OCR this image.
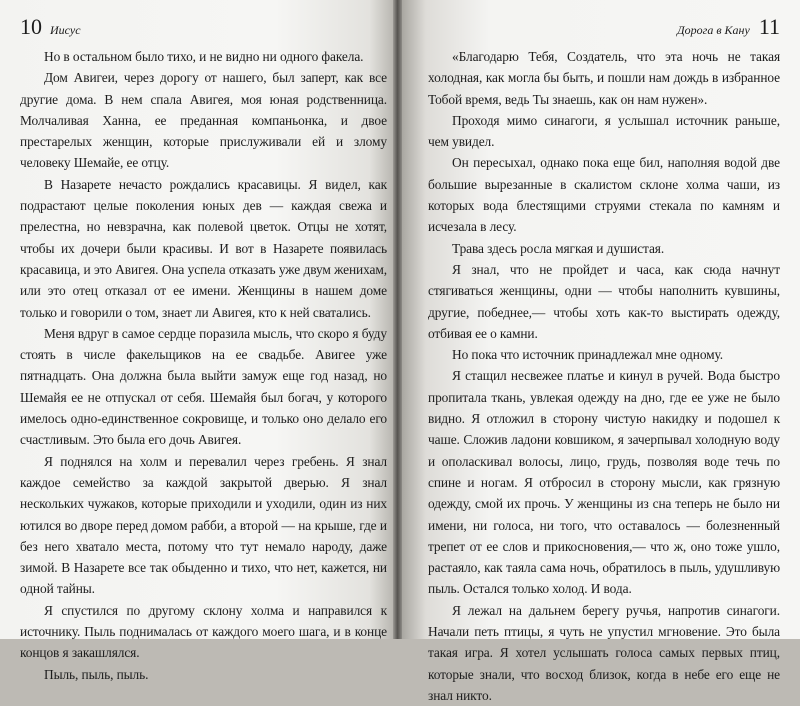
10 Иисус

Но в остальном было тихо, и не видно ни одного факела.

Дом Авигеи, через дорогу от нашего, был заперт, как все другие дома. В нем спала Авигея, моя юная родственница. Молчаливая Ханна, ее преданная компаньонка, и двое престарелых женщин, которые прислуживали ей и злому человеку Шемайе, ее отцу.

В Назарете нечасто рождались красавицы. Я видел, как подрастают целые поколения юных дев — каждая свежа и прелестна, но невзрачна, как полевой цветок. Отцы не хотят, чтобы их дочери были красивы. И вот в Назарете появилась красавица, и это Авигея. Она успела отказать уже двум женихам, или это отец отказал от ее имени. Женщины в нашем доме только и говорили о том, знает ли Авигея, кто к ней сватались.

Меня вдруг в самое сердце поразила мысль, что скоро я буду стоять в числе факельщиков на ее свадьбе. Авигее уже пятнадцать. Она должна была выйти замуж еще год назад, но Шемайя ее не отпускал от себя. Шемайя был богач, у которого имелось одно-единственное сокровище, и только оно делало его счастливым. Это была его дочь Авигея.

Я поднялся на холм и перевалил через гребень. Я знал каждое семейство за каждой закрытой дверью. Я знал нескольких чужаков, которые приходили и уходили, один из них ютился во дворе перед домом рабби, а второй — на крыше, где и без него хватало места, потому что тут немало народу, даже зимой. В Назарете все так обыденно и тихо, что нет, кажется, ни одной тайны.

Я спустился по другому склону холма и направился к источнику. Пыль поднималась от каждого моего шага, и в конце концов я закашлялся.

Пыль, пыль, пыль.

Дорога в Кану 11

«Благодарю Тебя, Создатель, что эта ночь не такая холодная, как могла бы быть, и пошли нам дождь в избранное Тобой время, ведь Ты знаешь, как он нам нужен».

Проходя мимо синагоги, я услышал источник раньше, чем увидел.

Он пересыхал, однако пока еще бил, наполняя водой две большие вырезанные в скалистом склоне холма чаши, из которых вода блестящими струями стекала по камням и исчезала в лесу.

Трава здесь росла мягкая и душистая.

Я знал, что не пройдет и часа, как сюда начнут стягиваться женщины, одни — чтобы наполнить кувшины, другие, победнее,— чтобы хоть как-то выстирать одежду, отбивая ее о камни.

Но пока что источник принадлежал мне одному.

Я стащил несвежее платье и кинул в ручей. Вода быстро пропитала ткань, увлекая одежду на дно, где ее уже не было видно. Я отложил в сторону чистую накидку и подошел к чаше. Сложив ладони ковшиком, я зачерпывал холодную воду и ополаскивал волосы, лицо, грудь, позволяя воде течь по спине и ногам. Я отбросил в сторону мысли, как грязную одежду, смой их прочь. У женщины из сна теперь не было ни имени, ни голоса, ни того, что оставалось — болезненный трепет от ее слов и прикосновения,— что ж, оно тоже ушло, растаяло, как таяла сама ночь, обратилось в пыль, удушливую пыль. Остался только холод. И вода.

Я лежал на дальнем берегу ручья, напротив синагоги. Начали петь птицы, я чуть не упустил мгновение. Это была такая игра. Я хотел услышать голоса самых первых птиц, которые знали, что восход близок, когда в небе его еще не знал никто.
